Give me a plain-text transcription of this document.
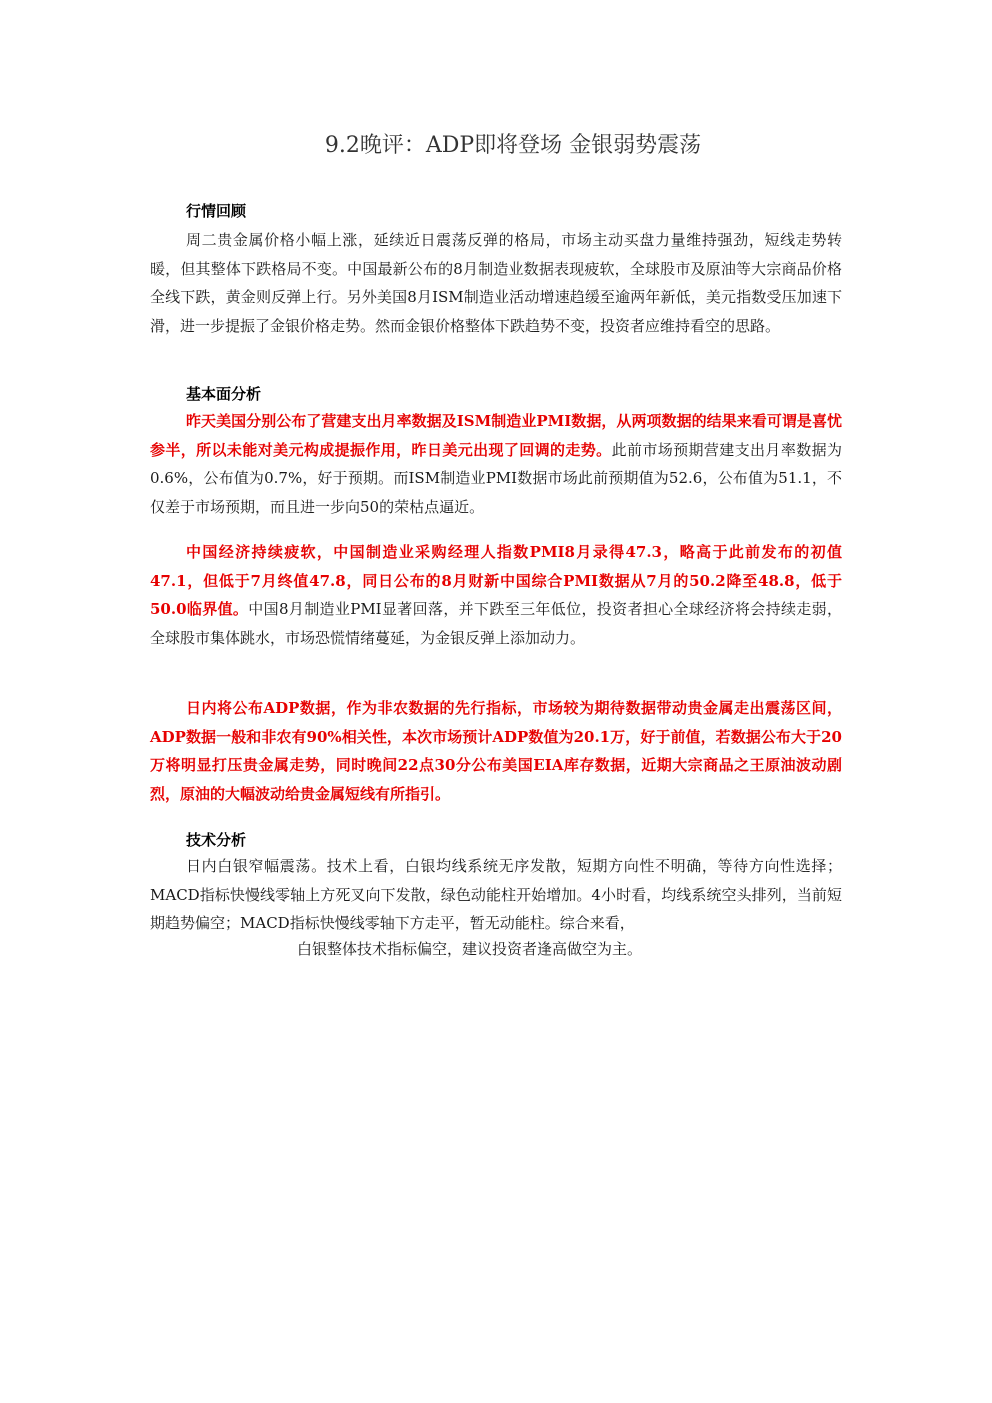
9.2晚评：ADP即将登场 金银弱势震荡
行情回顾

周二贵金属价格小幅上涨，延续近日震荡反弹的格局，市场主动买盘力量维持强劲，短线走势转暖，但其整体下跌格局不变。中国最新公布的8月制造业数据表现疲软，全球股市及原油等大宗商品价格全线下跌，黄金则反弹上行。另外美国8月ISM制造业活动增速趋缓至逾两年新低，美元指数受压加速下滑，进一步提振了金银价格走势。然而金银价格整体下跌趋势不变，投资者应维持看空的思路。

基本面分析

昨天美国分别公布了营建支出月率数据及ISM制造业PMI数据，从两项数据的结果来看可谓是喜忧参半，所以未能对美元构成提振作用，昨日美元出现了回调的走势。此前市场预期营建支出月率数据为0.6%，公布值为0.7%，好于预期。而ISM制造业PMI数据市场此前预期值为52.6，公布值为51.1，不仅差于市场预期，而且进一步向50的荣枯点逼近。

中国经济持续疲软，中国制造业采购经理人指数PMI8月录得47.3，略高于此前发布的初值47.1，但低于7月终值47.8，同日公布的8月财新中国综合PMI数据从7月的50.2降至48.8，低于50.0临界值。中国8月制造业PMI显著回落，并下跌至三年低位，投资者担心全球经济将会持续走弱，全球股市集体跳水，市场恐慌情绪蔓延，为金银反弹上添加动力。

日内将公布ADP数据，作为非农数据的先行指标，市场较为期待数据带动贵金属走出震荡区间，ADP数据一般和非农有90%相关性，本次市场预计ADP数值为20.1万，好于前值，若数据公布大于20万将明显打压贵金属走势，同时晚间22点30分公布美国EIA库存数据，近期大宗商品之王原油波动剧烈，原油的大幅波动给贵金属短线有所指引。

技术分析

日内白银窄幅震荡。技术上看，白银均线系统无序发散，短期方向性不明确，等待方向性选择；MACD指标快慢线零轴上方死叉向下发散，绿色动能柱开始增加。4小时看，均线系统空头排列，当前短期趋势偏空；MACD指标快慢线零轴下方走平，暂无动能柱。综合来看，

白银整体技术指标偏空，建议投资者逢高做空为主。
